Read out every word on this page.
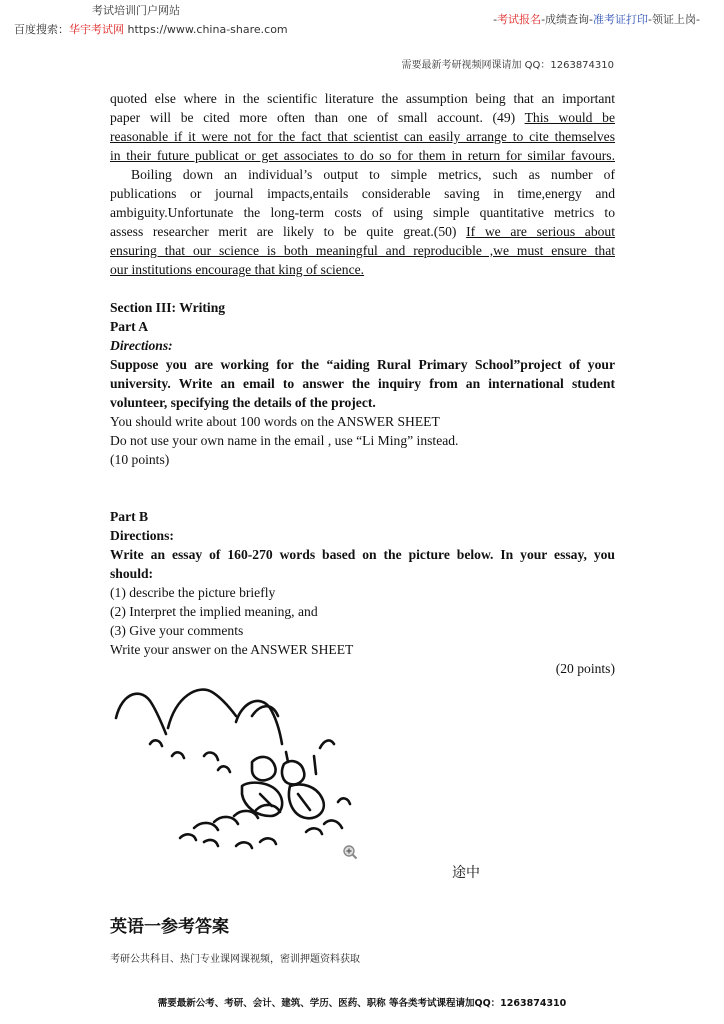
考试培训门户网站
百度搜索：华宇考试网 https://www.china-share.com
-考试报名-成绩查询-准考证打印-领证上岗-
需要最新考研视频网课请加 QQ：1263874310
quoted else where in the scientific literature the assumption being that an important
paper will be cited more often than one of small account. (49) This would be
reasonable if it were not for the fact that scientist can easily arrange to cite themselves
in their future publicat or get associates to do so for them in return for similar favours.
Boiling down an individual’s output to simple metrics, such as number of
publications or journal impacts,entails considerable saving in time,energy and
ambiguity.Unfortunate the long-term costs of using simple quantitative metrics to
assess researcher merit are likely to be quite great.(50) If we are serious about
ensuring that our science is both meaningful and reproducible ,we must ensure that
our institutions encourage that king of science.
Section III: Writing
Part A
Directions:
Suppose you are working for the “aiding Rural Primary School”project of your
university. Write an email to answer the inquiry from an international student
volunteer, specifying the details of the project.
You should write about 100 words on the ANSWER SHEET
Do not use your own name in the email , use “Li Ming” instead.
(10 points)
Part B
Directions:
Write an essay of 160-270 words based on the picture below. In your essay, you
should:
(1) describe the picture briefly
(2) Interpret the implied meaning, and
(3) Give your comments
Write your answer on the ANSWER SHEET
(20 points)
途中
英语一参考答案
考研公共科目、热门专业课网课视频，密训押题资料获取
需要最新公考、考研、会计、建筑、学历、医药、职称 等各类考试课程请加QQ：1263874310
